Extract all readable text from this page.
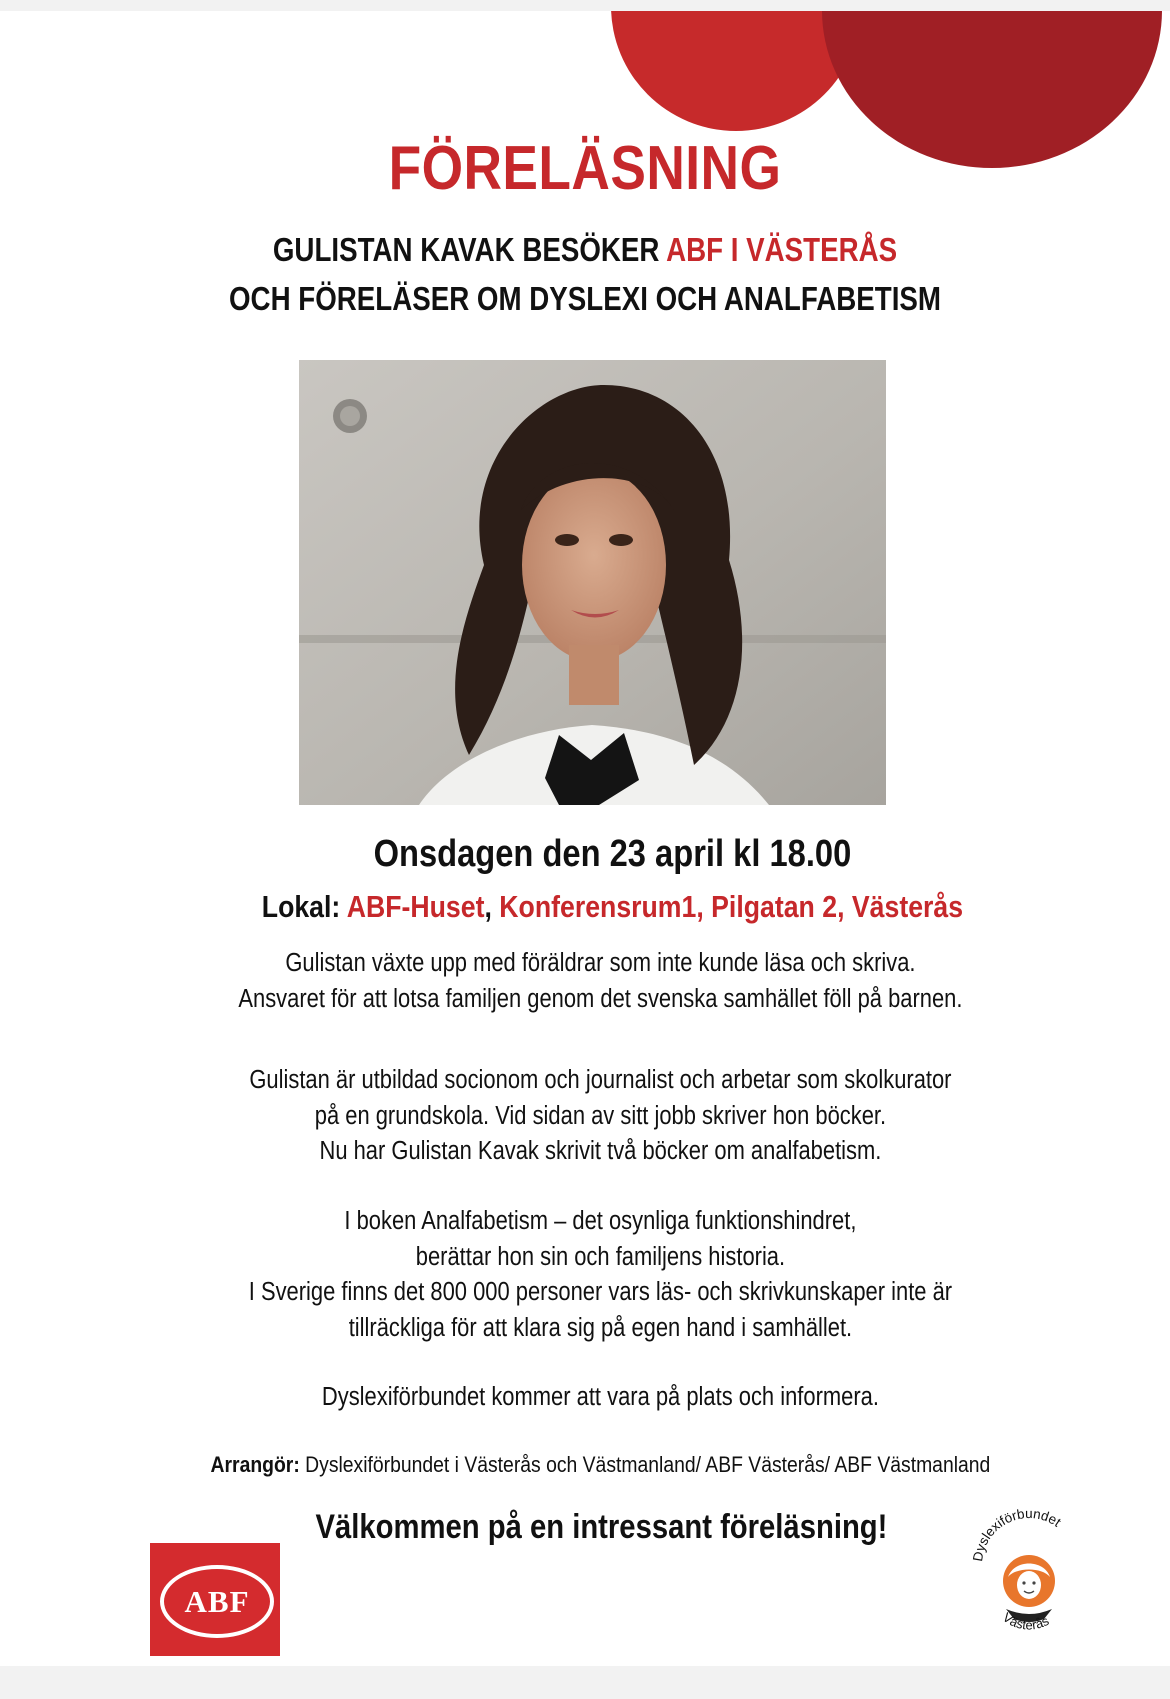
FÖRELÄSNING
GULISTAN KAVAK BESÖKER ABF I VÄSTERÅS
OCH FÖRELÄSER OM DYSLEXI OCH ANALFABETISM
Onsdagen den 23 april kl 18.00
Lokal: ABF-Huset, Konferensrum1, Pilgatan 2, Västerås
Gulistan växte upp med föräldrar som inte kunde läsa och skriva.
Ansvaret för att lotsa familjen genom det svenska samhället föll på barnen.
Gulistan är utbildad socionom och journalist och arbetar som skolkurator
på en grundskola. Vid sidan av sitt jobb skriver hon böcker.
Nu har Gulistan Kavak skrivit två böcker om analfabetism.
I boken Analfabetism – det osynliga funktionshindret,
berättar hon sin och familjens historia.
I Sverige finns det 800 000 personer vars läs- och skrivkunskaper inte är
tillräckliga för att klara sig på egen hand i samhället.
Dyslexiförbundet kommer att vara på plats och informera.
Arrangör: Dyslexiförbundet i Västerås och Västmanland/ ABF Västerås/ ABF Västmanland
Välkommen på en intressant föreläsning!
ABF
Dyslexiförbundet
Västerås
